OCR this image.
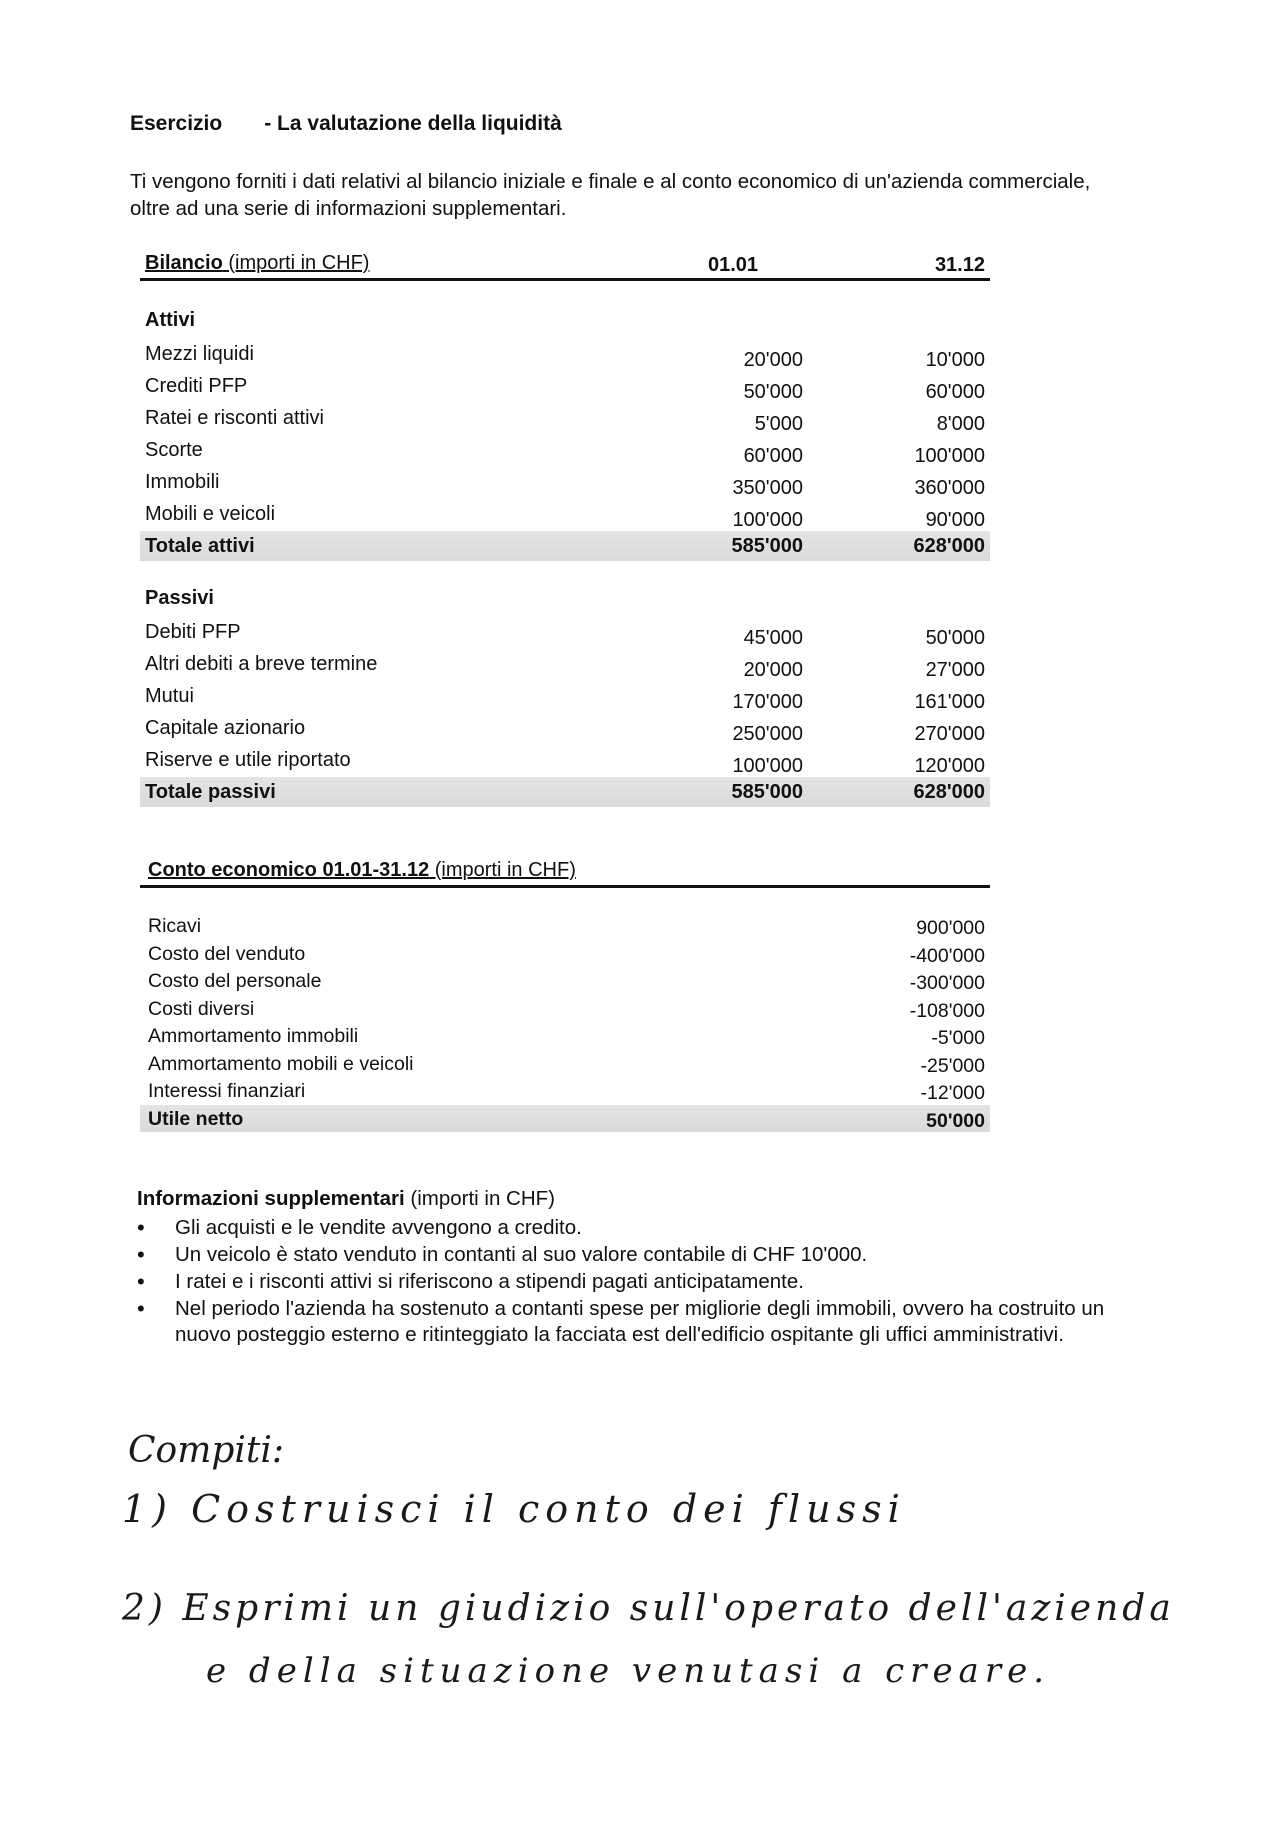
Esercizio - La valutazione della liquidità
Ti vengono forniti i dati relativi al bilancio iniziale e finale e al conto economico di un'azienda commerciale, oltre ad una serie di informazioni supplementari.
Bilancio (importi in CHF)	01.01	31.12
Attivi
Mezzi liquidi	20'000	10'000
Crediti PFP	50'000	60'000
Ratei e risconti attivi	5'000	8'000
Scorte	60'000	100'000
Immobili	350'000	360'000
Mobili e veicoli	100'000	90'000
Totale attivi	585'000	628'000
Passivi
Debiti PFP	45'000	50'000
Altri debiti a breve termine	20'000	27'000
Mutui	170'000	161'000
Capitale azionario	250'000	270'000
Riserve e utile riportato	100'000	120'000
Totale passivi	585'000	628'000
Conto economico 01.01-31.12 (importi in CHF)
Ricavi	900'000
Costo del venduto	-400'000
Costo del personale	-300'000
Costi diversi	-108'000
Ammortamento immobili	-5'000
Ammortamento mobili e veicoli	-25'000
Interessi finanziari	-12'000
Utile netto	50'000
Informazioni supplementari (importi in CHF)
• Gli acquisti e le vendite avvengono a credito.
• Un veicolo è stato venduto in contanti al suo valore contabile di CHF 10'000.
• I ratei e i risconti attivi si riferiscono a stipendi pagati anticipatamente.
• Nel periodo l'azienda ha sostenuto a contanti spese per migliorie degli immobili, ovvero ha costruito un nuovo posteggio esterno e ritinteggiato la facciata est dell'edificio ospitante gli uffici amministrativi.
Compiti:
1) Costruisci il conto dei flussi
2) Esprimi un giudizio sull'operato dell'azienda
e della situazione venutasi a creare.
